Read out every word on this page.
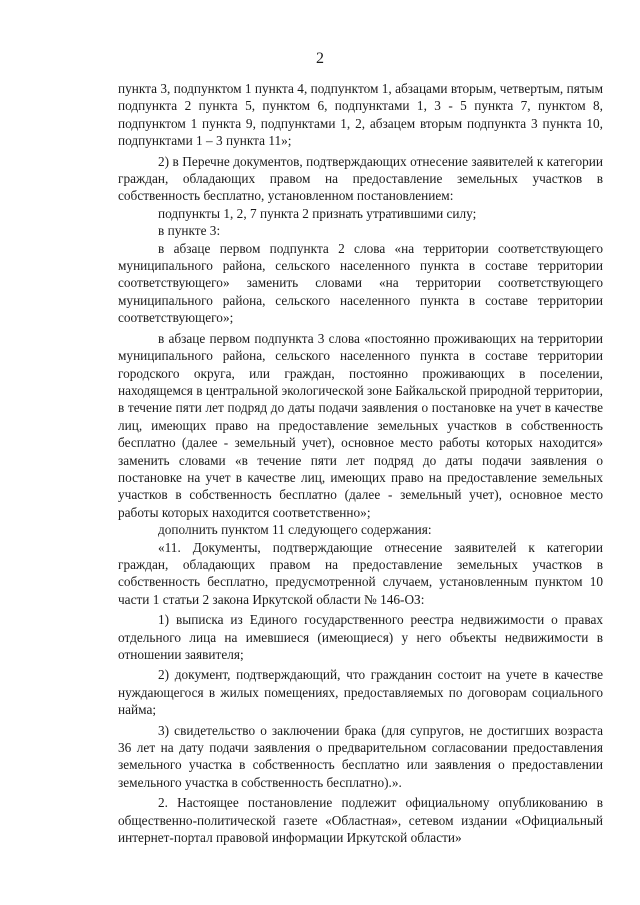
2

пункта 3, подпунктом 1 пункта 4, подпунктом 1, абзацами вторым, четвертым, пятым подпункта 2 пункта 5, пунктом 6, подпунктами 1, 3 - 5 пункта 7, пунктом 8, подпунктом 1 пункта 9, подпунктами 1, 2, абзацем вторым подпункта 3 пункта 10, подпунктами 1 – 3 пункта 11»;

2) в Перечне документов, подтверждающих отнесение заявителей к категории граждан, обладающих правом на предоставление земельных участков в собственность бесплатно, установленном постановлением:

подпункты 1, 2, 7 пункта 2 признать утратившими силу;

в пункте 3:

в абзаце первом подпункта 2 слова «на территории соответствующего муниципального района, сельского населенного пункта в составе территории соответствующего» заменить словами «на территории соответствующего муниципального района, сельского населенного пункта в составе территории соответствующего»;

в абзаце первом подпункта 3 слова «постоянно проживающих на территории муниципального района, сельского населенного пункта в составе территории городского округа, или граждан, постоянно проживающих в поселении, находящемся в центральной экологической зоне Байкальской природной территории, в течение пяти лет подряд до даты подачи заявления о постановке на учет в качестве лиц, имеющих право на предоставление земельных участков в собственность бесплатно (далее - земельный учет), основное место работы которых находится» заменить словами «в течение пяти лет подряд до даты подачи заявления о постановке на учет в качестве лиц, имеющих право на предоставление земельных участков в собственность бесплатно (далее - земельный учет), основное место работы которых находится соответственно»;

дополнить пунктом 11 следующего содержания:

«11. Документы, подтверждающие отнесение заявителей к категории граждан, обладающих правом на предоставление земельных участков в собственность бесплатно, предусмотренной случаем, установленным пунктом 10 части 1 статьи 2 закона Иркутской области № 146-ОЗ:

1) выписка из Единого государственного реестра недвижимости о правах отдельного лица на имевшиеся (имеющиеся) у него объекты недвижимости в отношении заявителя;

2) документ, подтверждающий, что гражданин состоит на учете в качестве нуждающегося в жилых помещениях, предоставляемых по договорам социального найма;

3) свидетельство о заключении брака (для супругов, не достигших возраста 36 лет на дату подачи заявления о предварительном согласовании предоставления земельного участка в собственность бесплатно или заявления о предоставлении земельного участка в собственность бесплатно).».

2. Настоящее постановление подлежит официальному опубликованию в общественно-политической газете «Областная», сетевом издании «Официальный интернет-портал правовой информации Иркутской области»
